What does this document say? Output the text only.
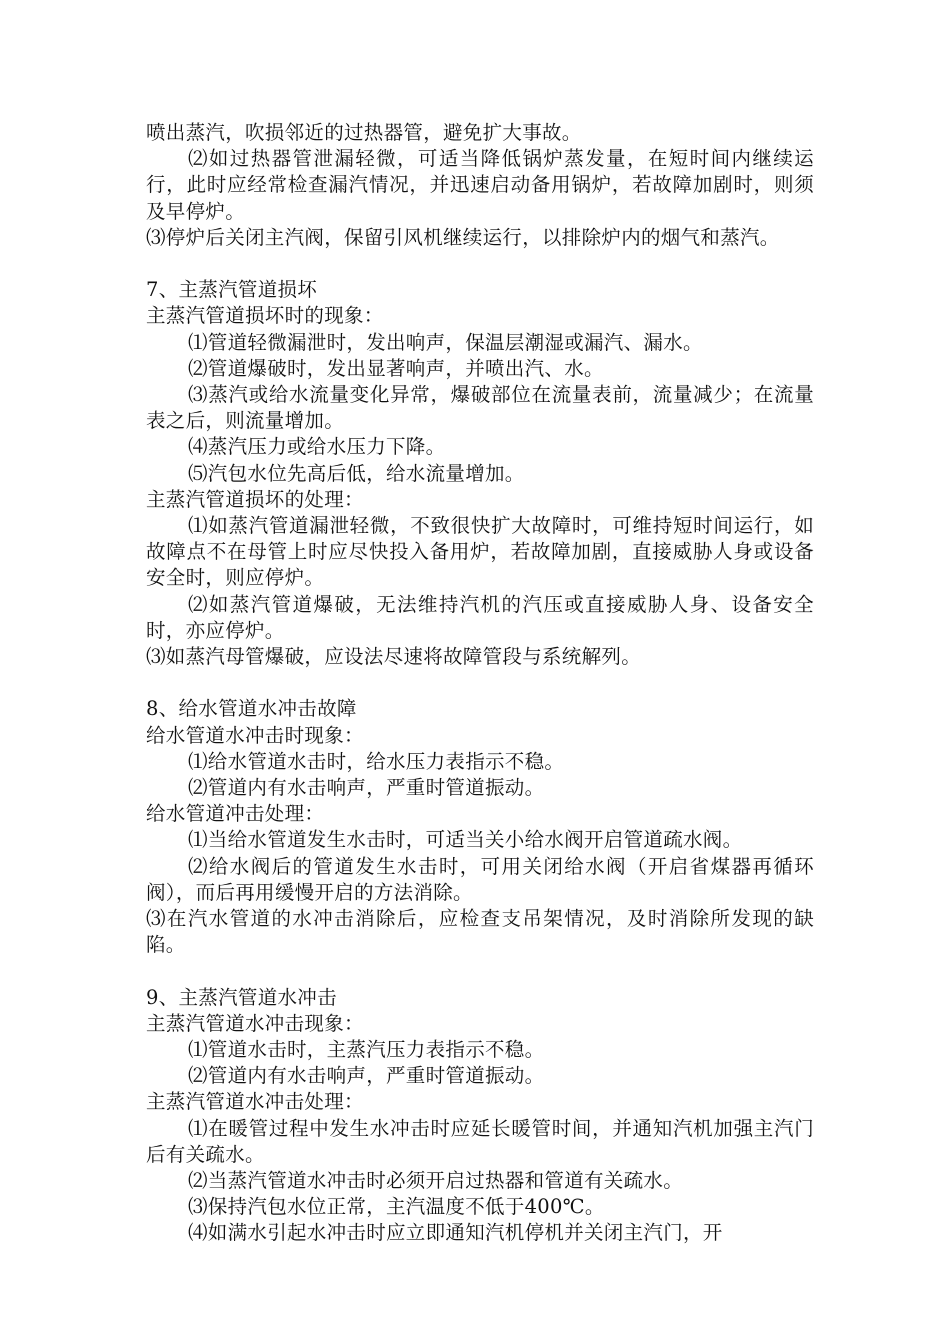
喷出蒸汽，吹损邻近的过热器管，避免扩大事故。

⑵如过热器管泄漏轻微，可适当降低锅炉蒸发量，在短时间内继续运行，此时应经常检查漏汽情况，并迅速启动备用锅炉，若故障加剧时，则须及早停炉。

⑶停炉后关闭主汽阀，保留引风机继续运行，以排除炉内的烟气和蒸汽。

7、主蒸汽管道损坏

主蒸汽管道损坏时的现象：

⑴管道轻微漏泄时，发出响声，保温层潮湿或漏汽、漏水。

⑵管道爆破时，发出显著响声，并喷出汽、水。

⑶蒸汽或给水流量变化异常，爆破部位在流量表前，流量减少；在流量表之后，则流量增加。

⑷蒸汽压力或给水压力下降。

⑸汽包水位先高后低，给水流量增加。

主蒸汽管道损坏的处理：

⑴如蒸汽管道漏泄轻微，不致很快扩大故障时，可维持短时间运行，如故障点不在母管上时应尽快投入备用炉，若故障加剧，直接威胁人身或设备安全时，则应停炉。

⑵如蒸汽管道爆破，无法维持汽机的汽压或直接威胁人身、设备安全时，亦应停炉。

⑶如蒸汽母管爆破，应设法尽速将故障管段与系统解列。

8、给水管道水冲击故障

给水管道水冲击时现象：

⑴给水管道水击时，给水压力表指示不稳。

⑵管道内有水击响声，严重时管道振动。

给水管道冲击处理：

⑴当给水管道发生水击时，可适当关小给水阀开启管道疏水阀。

⑵给水阀后的管道发生水击时，可用关闭给水阀（开启省煤器再循环阀），而后再用缓慢开启的方法消除。

⑶在汽水管道的水冲击消除后，应检查支吊架情况，及时消除所发现的缺陷。

9、主蒸汽管道水冲击

主蒸汽管道水冲击现象：

⑴管道水击时，主蒸汽压力表指示不稳。

⑵管道内有水击响声，严重时管道振动。

主蒸汽管道水冲击处理：

⑴在暖管过程中发生水冲击时应延长暖管时间，并通知汽机加强主汽门后有关疏水。

⑵当蒸汽管道水冲击时必须开启过热器和管道有关疏水。

⑶保持汽包水位正常，主汽温度不低于400℃。

⑷如满水引起水冲击时应立即通知汽机停机并关闭主汽门，开
